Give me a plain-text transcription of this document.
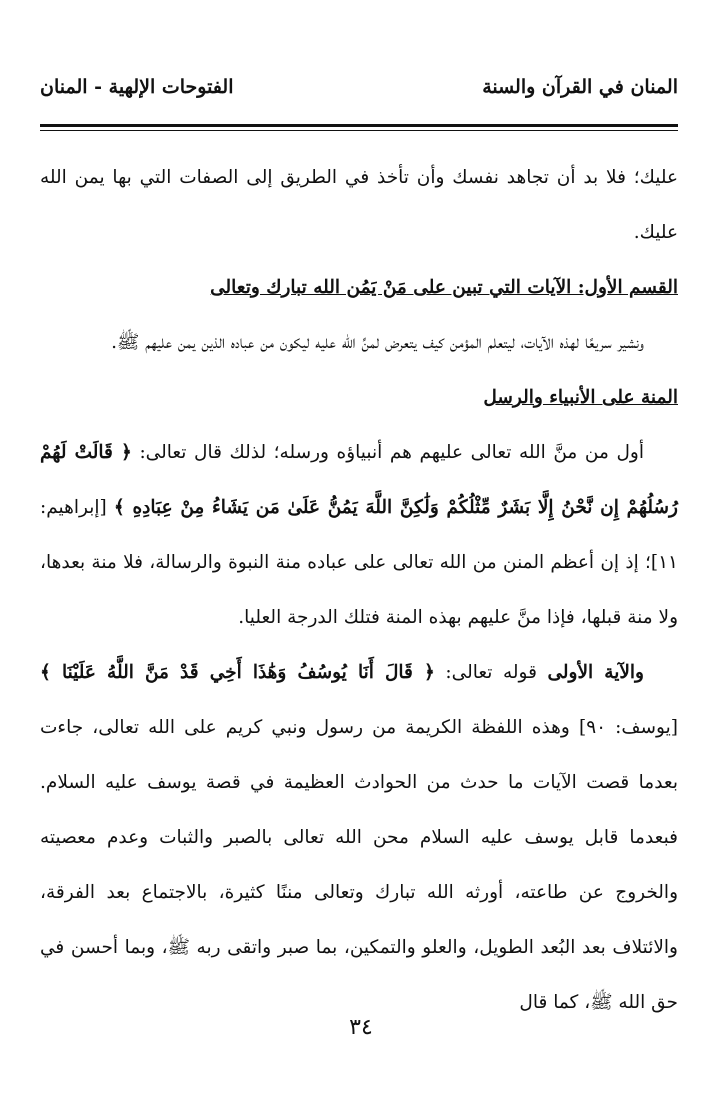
المنان في القرآن والسنة
الفتوحات الإلهية - المنان

عليك؛ فلا بد أن تجاهد نفسك وأن تأخذ في الطريق إلى الصفات التي بها يمن الله عليك.

القسم الأول: الآيات التي تبين على مَنْ يَمُن الله تبارك وتعالى

ونشير سريعًا لهذه الآيات، ليتعلم المؤمن كيف يتعرض لمنِّ الله عليه ليكون من عباده الذين يمن عليهم ﷺ.

المنة على الأنبياء والرسل

أول من منَّ الله تعالى عليهم هم أنبياؤه ورسله؛ لذلك قال تعالى: ﴿ قَالَتْ لَهُمْ رُسُلُهُمْ إِن نَّحْنُ إِلَّا بَشَرٌ مِّثْلُكُمْ وَلَٰكِنَّ اللَّهَ يَمُنُّ عَلَىٰ مَن يَشَاءُ مِنْ عِبَادِهِ ﴾ [إبراهيم: ١١]؛ إذ إن أعظم المنن من الله تعالى على عباده منة النبوة والرسالة، فلا منة بعدها، ولا منة قبلها، فإذا منَّ عليهم بهذه المنة فتلك الدرجة العليا.

والآية الأولى قوله تعالى: ﴿ قَالَ أَنَا يُوسُفُ وَهَٰذَا أَخِي قَدْ مَنَّ اللَّهُ عَلَيْنَا ﴾ [يوسف: ٩٠] وهذه اللفظة الكريمة من رسول ونبي كريم على الله تعالى، جاءت بعدما قصت الآيات ما حدث من الحوادث العظيمة في قصة يوسف عليه السلام. فبعدما قابل يوسف عليه السلام محن الله تعالى بالصبر والثبات وعدم معصيته والخروج عن طاعته، أورثه الله تبارك وتعالى مننًا كثيرة، بالاجتماع بعد الفرقة، والائتلاف بعد البُعد الطويل، والعلو والتمكين، بما صبر واتقى ربه ﷺ، وبما أحسن في حق الله ﷺ، كما قال

٣٤
